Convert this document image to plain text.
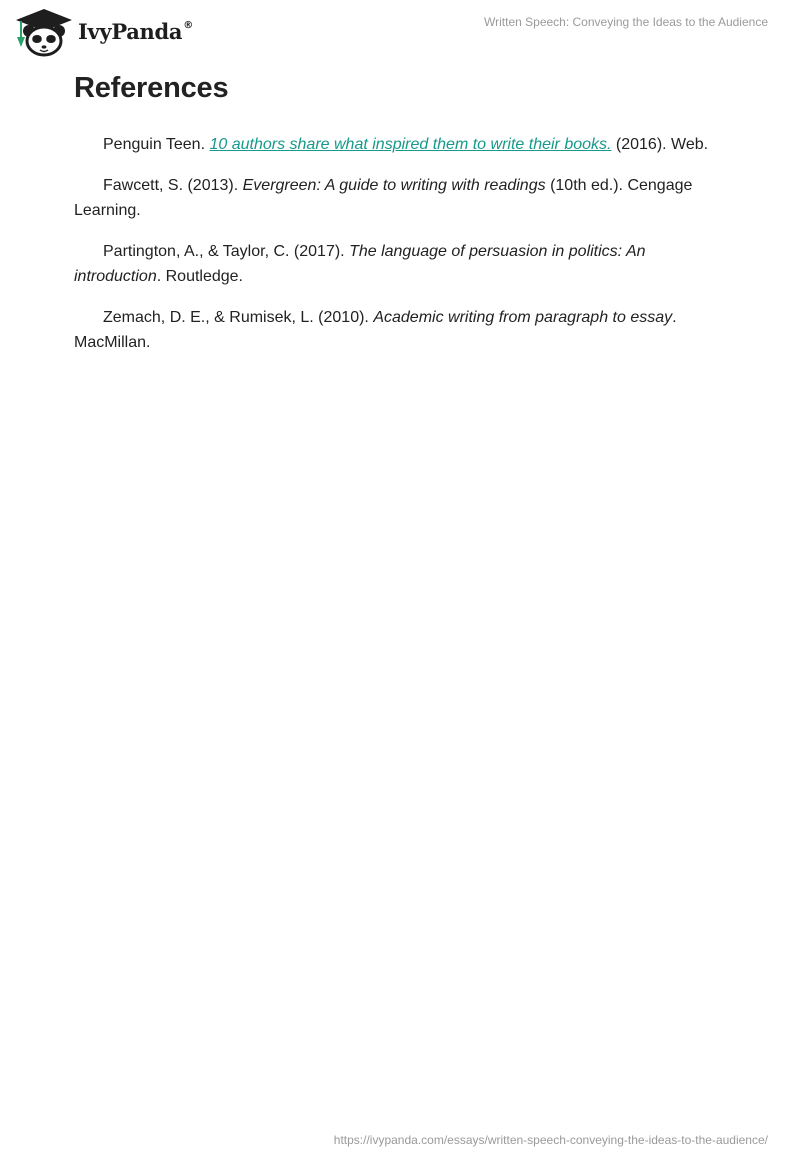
IvyPanda®	Written Speech: Conveying the Ideas to the Audience
References

Penguin Teen. 10 authors share what inspired them to write their books. (2016). Web.

Fawcett, S. (2013). Evergreen: A guide to writing with readings (10th ed.). Cengage Learning.

Partington, A., & Taylor, C. (2017). The language of persuasion in politics: An introduction. Routledge.

Zemach, D. E., & Rumisek, L. (2010). Academic writing from paragraph to essay. MacMillan.

https://ivypanda.com/essays/written-speech-conveying-the-ideas-to-the-audience/
